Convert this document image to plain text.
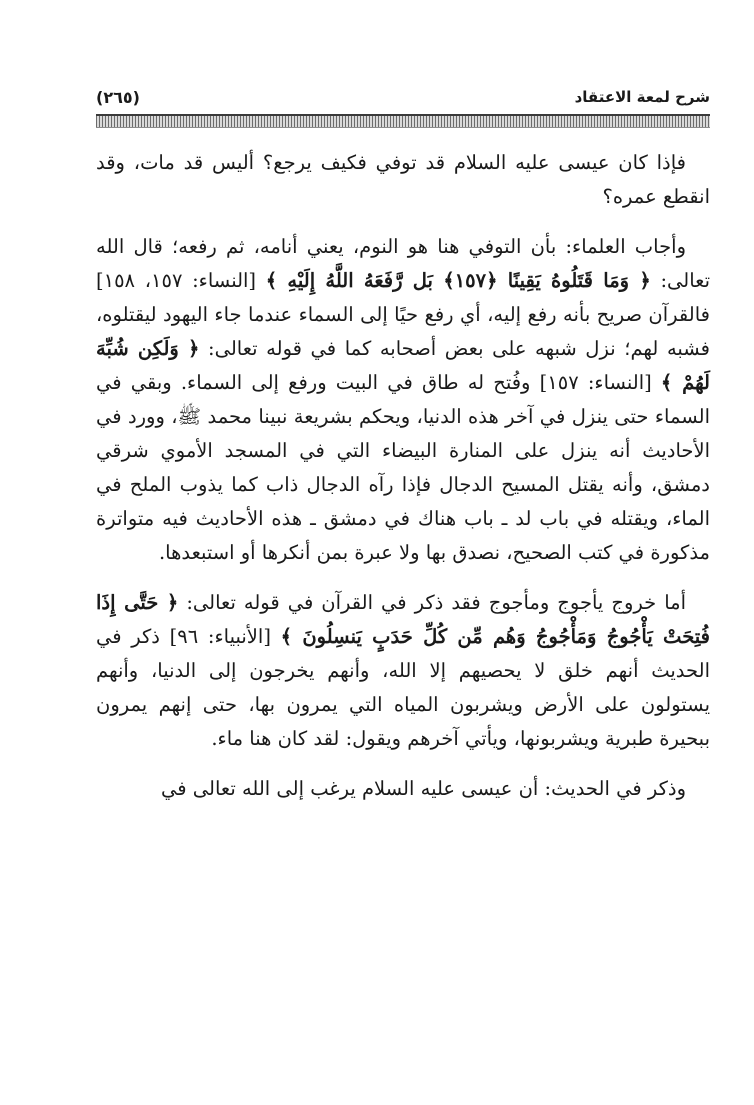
شرح لمعة الاعتقاد
(٢٦٥)

فإذا كان عيسى عليه السلام قد توفي فكيف يرجع؟ أليس قد مات، وقد انقطع عمره؟

وأجاب العلماء: بأن التوفي هنا هو النوم، يعني أنامه، ثم رفعه؛ قال الله تعالى: ﴿ وَمَا قَتَلُوهُ يَقِينًا ﴿١٥٧﴾ بَل رَّفَعَهُ اللَّهُ إِلَيْهِ ﴾ [النساء: ١٥٧، ١٥٨] فالقرآن صريح بأنه رفع إليه، أي رفع حيًا إلى السماء عندما جاء اليهود ليقتلوه، فشبه لهم؛ نزل شبهه على بعض أصحابه كما في قوله تعالى: ﴿ وَلَكِن شُبِّهَ لَهُمْ ﴾ [النساء: ١٥٧] وفُتح له طاق في البيت ورفع إلى السماء. وبقي في السماء حتى ينزل في آخر هذه الدنيا، ويحكم بشريعة نبينا محمد ﷺ، وورد في الأحاديث أنه ينزل على المنارة البيضاء التي في المسجد الأموي شرقي دمشق، وأنه يقتل المسيح الدجال فإذا رآه الدجال ذاب كما يذوب الملح في الماء، ويقتله في باب لد ـ باب هناك في دمشق ـ هذه الأحاديث فيه متواترة مذكورة في كتب الصحيح، نصدق بها ولا عبرة بمن أنكرها أو استبعدها.

أما خروج يأجوج ومأجوج فقد ذكر في القرآن في قوله تعالى: ﴿ حَتَّى إِذَا فُتِحَتْ يَأْجُوجُ وَمَأْجُوجُ وَهُم مِّن كُلِّ حَدَبٍ يَنسِلُونَ ﴾ [الأنبياء: ٩٦] ذكر في الحديث أنهم خلق لا يحصيهم إلا الله، وأنهم يخرجون إلى الدنيا، وأنهم يستولون على الأرض ويشربون المياه التي يمرون بها، حتى إنهم يمرون ببحيرة طبرية ويشربونها، ويأتي آخرهم ويقول: لقد كان هنا ماء.

وذكر في الحديث: أن عيسى عليه السلام يرغب إلى الله تعالى في
